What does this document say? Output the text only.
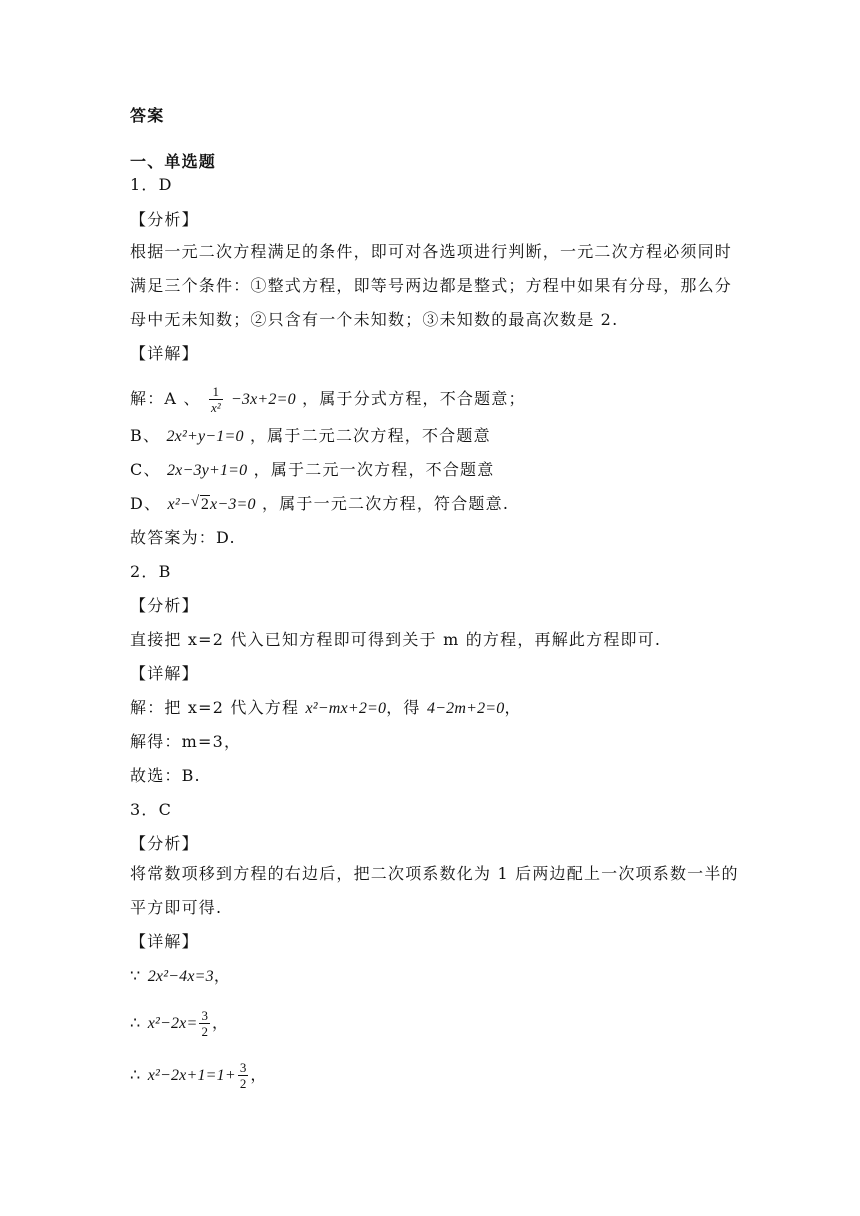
答案
一、单选题
1．D
【分析】
根据一元二次方程满足的条件，即可对各选项进行判断，一元二次方程必须同时
满足三个条件：①整式方程，即等号两边都是整式；方程中如果有分母，那么分
母中无未知数；②只含有一个未知数；③未知数的最高次数是 2.
【详解】
解：A 、 $\frac{1}{\text{x²}} -3x+2=0$ ，属于分式方程，不合题意；
B、 2x²+y−1=0 ，属于二元二次方程，不合题意
C、 2x−3y+1=0 ，属于二元一次方程，不合题意
D、 x²− √ 2x−3=0 ，属于一元二次方程，符合题意.
故答案为：D.
2．B
【分析】
直接把 x=2 代入已知方程即可得到关于 m 的方程，再解此方程即可.
【详解】
解：把 x=2 代入方程 x²−mx+2=0，得 4−2m+2=0，
解得：m=3，
故选：B.
3．C
【分析】
将常数项移到方程的右边后，把二次项系数化为 1 后两边配上一次项系数一半的
平方即可得.
【详解】
∵ 2x²−4x=3，
∴ $x^2-2x= \frac{3}{2}$ ，
∴ $x^2-2x+1=1+ \frac{3}{2}$ ，
